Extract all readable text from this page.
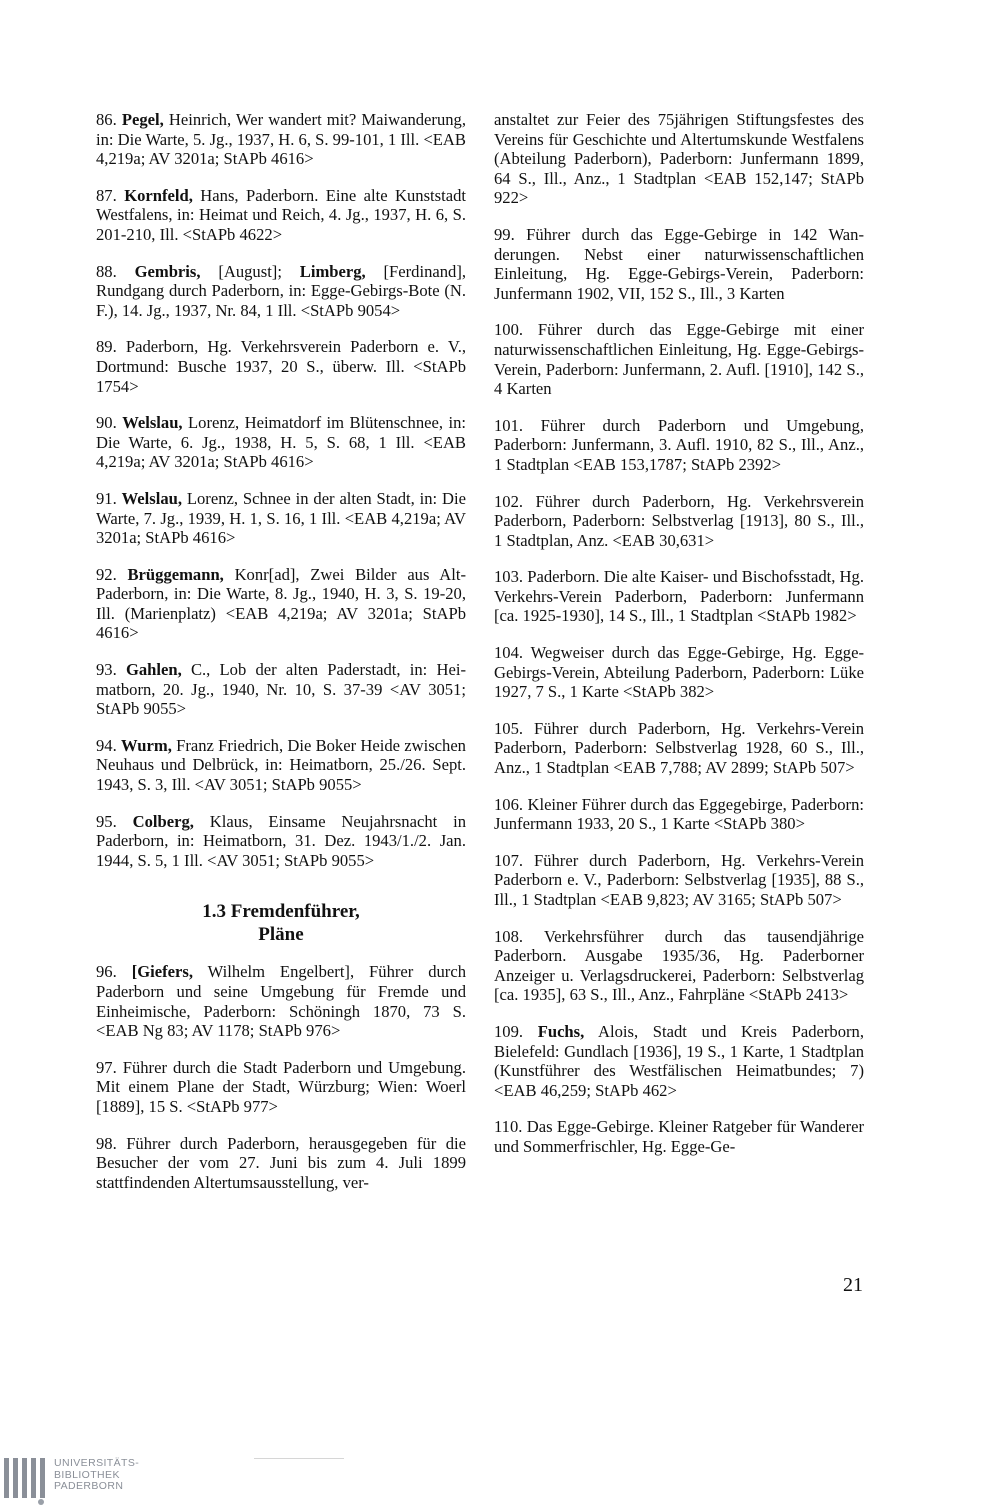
86. Pegel, Heinrich, Wer wandert mit? Maiwanderung, in: Die Warte, 5. Jg., 1937, H. 6, S. 99-101, 1 Ill. <EAB 4,219a; AV 3201a; StAPb 4616>
87. Kornfeld, Hans, Paderborn. Eine alte Kunststadt Westfalens, in: Heimat und Reich, 4. Jg., 1937, H. 6, S. 201-210, Ill. <StAPb 4622>
88. Gembris, [August]; Limberg, [Ferdinand], Rundgang durch Paderborn, in: Egge-Gebirgs-Bote (N. F.), 14. Jg., 1937, Nr. 84, 1 Ill. <StAPb 9054>
89. Paderborn, Hg. Verkehrsverein Paderborn e. V., Dortmund: Busche 1937, 20 S., überw. Ill. <StAPb 1754>
90. Welslau, Lorenz, Heimatdorf im Blütenschnee, in: Die Warte, 6. Jg., 1938, H. 5, S. 68, 1 Ill. <EAB 4,219a; AV 3201a; StAPb 4616>
91. Welslau, Lorenz, Schnee in der alten Stadt, in: Die Warte, 7. Jg., 1939, H. 1, S. 16, 1 Ill. <EAB 4,219a; AV 3201a; StAPb 4616>
92. Brüggemann, Konr[ad], Zwei Bilder aus Alt-Paderborn, in: Die Warte, 8. Jg., 1940, H. 3, S. 19-20, Ill. (Marienplatz) <EAB 4,219a; AV 3201a; StAPb 4616>
93. Gahlen, C., Lob der alten Paderstadt, in: Heimatborn, 20. Jg., 1940, Nr. 10, S. 37-39 <AV 3051; StAPb 9055>
94. Wurm, Franz Friedrich, Die Boker Heide zwischen Neuhaus und Delbrück, in: Heimatborn, 25./26. Sept. 1943, S. 3, Ill. <AV 3051; StAPb 9055>
95. Colberg, Klaus, Einsame Neujahrsnacht in Paderborn, in: Heimatborn, 31. Dez. 1943/1./2. Jan. 1944, S. 5, 1 Ill. <AV 3051; StAPb 9055>
1.3 Fremdenführer,
Pläne
96. [Giefers, Wilhelm Engelbert], Führer durch Paderborn und seine Umgebung für Fremde und Einheimische, Paderborn: Schöningh 1870, 73 S. <EAB Ng 83; AV 1178; StAPb 976>
97. Führer durch die Stadt Paderborn und Umgebung. Mit einem Plane der Stadt, Würzburg; Wien: Woerl [1889], 15 S. <StAPb 977>
98. Führer durch Paderborn, herausgegeben für die Besucher der vom 27. Juni bis zum 4. Juli 1899 stattfindenden Altertumsausstellung, ver-
anstaltet zur Feier des 75jährigen Stiftungsfestes des Vereins für Geschichte und Altertumskunde Westfalens (Abteilung Paderborn), Paderborn: Junfermann 1899, 64 S., Ill., Anz., 1 Stadtplan <EAB 152,147; StAPb 922>
99. Führer durch das Egge-Gebirge in 142 Wanderungen. Nebst einer naturwissenschaftlichen Einleitung, Hg. Egge-Gebirgs-Verein, Paderborn: Junfermann 1902, VII, 152 S., Ill., 3 Karten
100. Führer durch das Egge-Gebirge mit einer naturwissenschaftlichen Einleitung, Hg. Egge-Gebirgs-Verein, Paderborn: Junfermann, 2. Aufl. [1910], 142 S., 4 Karten
101. Führer durch Paderborn und Umgebung, Paderborn: Junfermann, 3. Aufl. 1910, 82 S., Ill., Anz., 1 Stadtplan <EAB 153,1787; StAPb 2392>
102. Führer durch Paderborn, Hg. Verkehrsverein Paderborn, Paderborn: Selbstverlag [1913], 80 S., Ill., 1 Stadtplan, Anz. <EAB 30,631>
103. Paderborn. Die alte Kaiser- und Bischofsstadt, Hg. Verkehrs-Verein Paderborn, Paderborn: Junfermann [ca. 1925-1930], 14 S., Ill., 1 Stadtplan <StAPb 1982>
104. Wegweiser durch das Egge-Gebirge, Hg. Egge-Gebirgs-Verein, Abteilung Paderborn, Paderborn: Lüke 1927, 7 S., 1 Karte <StAPb 382>
105. Führer durch Paderborn, Hg. Verkehrs-Verein Paderborn, Paderborn: Selbstverlag 1928, 60 S., Ill., Anz., 1 Stadtplan <EAB 7,788; AV 2899; StAPb 507>
106. Kleiner Führer durch das Eggegebirge, Paderborn: Junfermann 1933, 20 S., 1 Karte <StAPb 380>
107. Führer durch Paderborn, Hg. Verkehrs-Verein Paderborn e. V., Paderborn: Selbstverlag [1935], 88 S., Ill., 1 Stadtplan <EAB 9,823; AV 3165; StAPb 507>
108. Verkehrsführer durch das tausendjährige Paderborn. Ausgabe 1935/36, Hg. Paderborner Anzeiger u. Verlagsdruckerei, Paderborn: Selbstverlag [ca. 1935], 63 S., Ill., Anz., Fahrpläne <StAPb 2413>
109. Fuchs, Alois, Stadt und Kreis Paderborn, Bielefeld: Gundlach [1936], 19 S., 1 Karte, 1 Stadtplan (Kunstführer des Westfälischen Heimatbundes; 7) <EAB 46,259; StAPb 462>
110. Das Egge-Gebirge. Kleiner Ratgeber für Wanderer und Sommerfrischler, Hg. Egge-Ge-
21
UNIVERSITÄTS-
BIBLIOTHEK
PADERBORN
